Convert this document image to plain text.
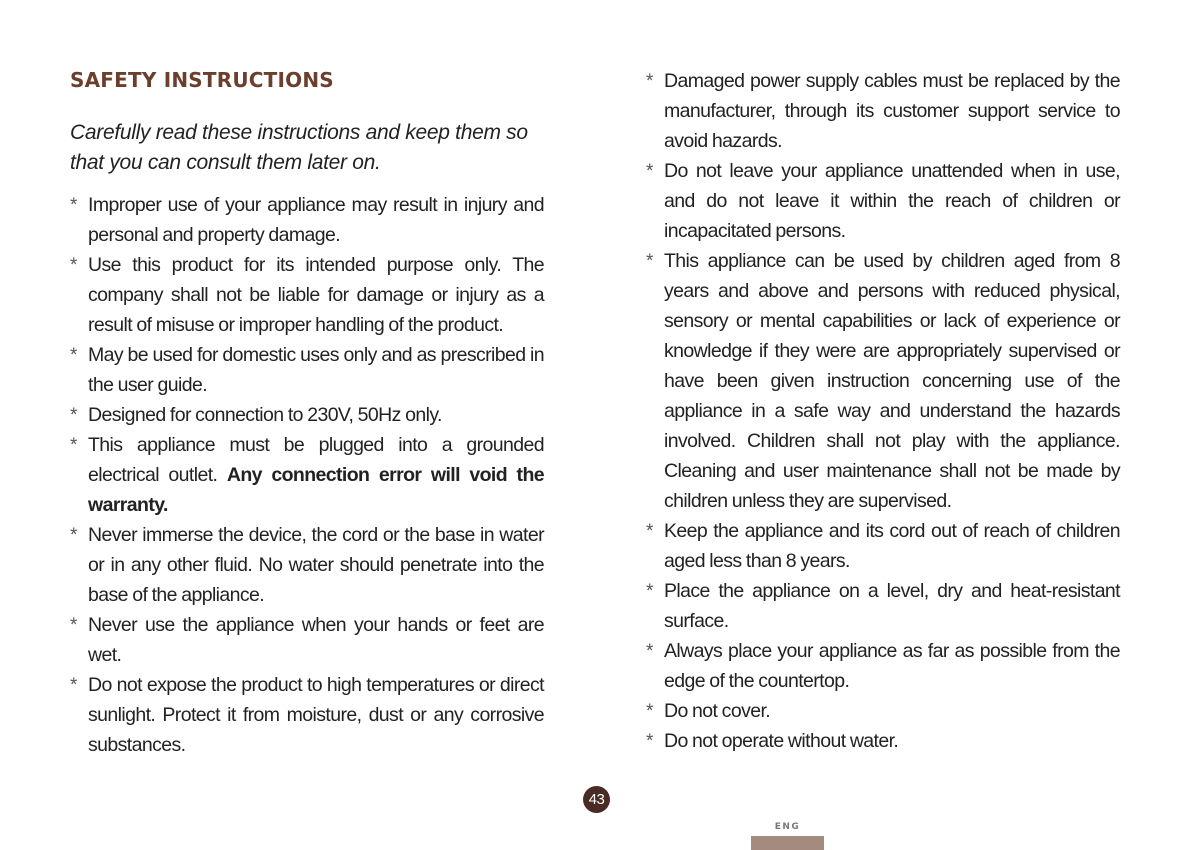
SAFETY INSTRUCTIONS

Carefully read these instructions and keep them so that you can consult them later on.

* Improper use of your appliance may result in injury and personal and property damage.
* Use this product for its intended purpose only. The company shall not be liable for damage or injury as a result of misuse or improper handling of the product.
* May be used for domestic uses only and as prescribed in the user guide.
* Designed for connection to 230V, 50Hz only.
* This appliance must be plugged into a grounded electrical outlet. Any connection error will void the warranty.
* Never immerse the device, the cord or the base in water or in any other fluid. No water should penetrate into the base of the appliance.
* Never use the appliance when your hands or feet are wet.
* Do not expose the product to high temperatures or direct sunlight. Protect it from moisture, dust or any corrosive substances.
* Damaged power supply cables must be replaced by the manufacturer, through its customer support service to avoid hazards.
* Do not leave your appliance unattended when in use, and do not leave it within the reach of children or incapacitated persons.
* This appliance can be used by children aged from 8 years and above and persons with reduced physical, sensory or mental capabilities or lack of experience or knowledge if they were are appropriately supervised or have been given instruction concerning use of the appliance in a safe way and understand the hazards involved. Children shall not play with the appliance. Cleaning and user maintenance shall not be made by children unless they are supervised.
* Keep the appliance and its cord out of reach of children aged less than 8 years.
* Place the appliance on a level, dry and heat-resistant surface.
* Always place your appliance as far as possible from the edge of the countertop.
* Do not cover.
* Do not operate without water.
43
ENG
